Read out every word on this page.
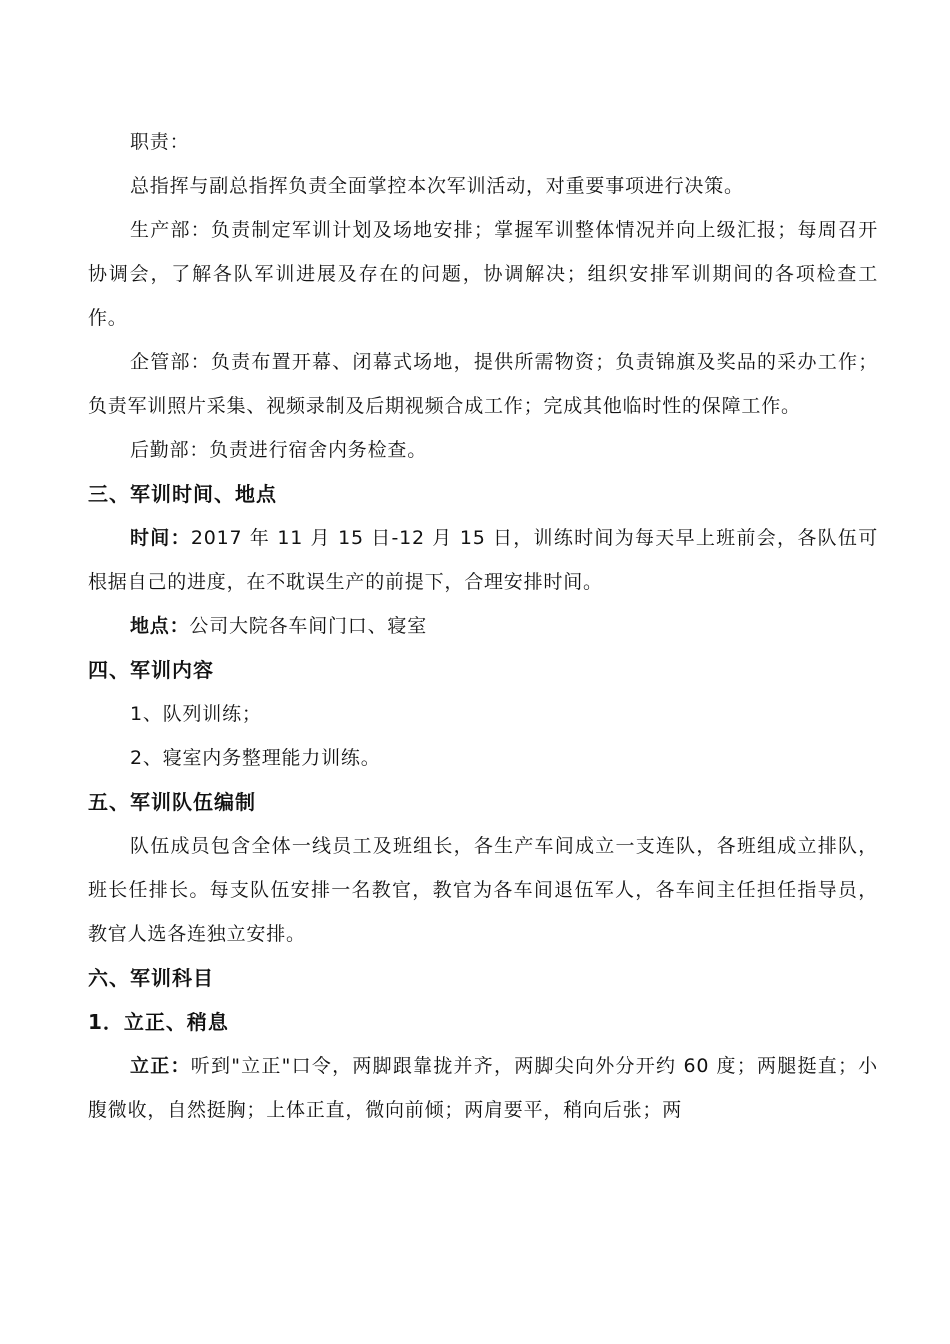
职责：

总指挥与副总指挥负责全面掌控本次军训活动，对重要事项进行决策。

生产部：负责制定军训计划及场地安排；掌握军训整体情况并向上级汇报；每周召开协调会，了解各队军训进展及存在的问题，协调解决；组织安排军训期间的各项检查工作。

企管部：负责布置开幕、闭幕式场地，提供所需物资；负责锦旗及奖品的采办工作；负责军训照片采集、视频录制及后期视频合成工作；完成其他临时性的保障工作。

后勤部：负责进行宿舍内务检查。

三、军训时间、地点

时间：2017 年 11 月 15 日-12 月 15 日，训练时间为每天早上班前会，各队伍可根据自己的进度，在不耽误生产的前提下，合理安排时间。

地点：公司大院各车间门口、寝室

四、军训内容

1、队列训练；

2、寝室内务整理能力训练。

五、军训队伍编制

队伍成员包含全体一线员工及班组长，各生产车间成立一支连队，各班组成立排队，班长任排长。每支队伍安排一名教官，教官为各车间退伍军人，各车间主任担任指导员，教官人选各连独立安排。

六、军训科目
1．立正、稍息

立正：听到"立正"口令，两脚跟靠拢并齐，两脚尖向外分开约 60 度；两腿挺直；小腹微收，自然挺胸；上体正直，微向前倾；两肩要平，稍向后张；两
